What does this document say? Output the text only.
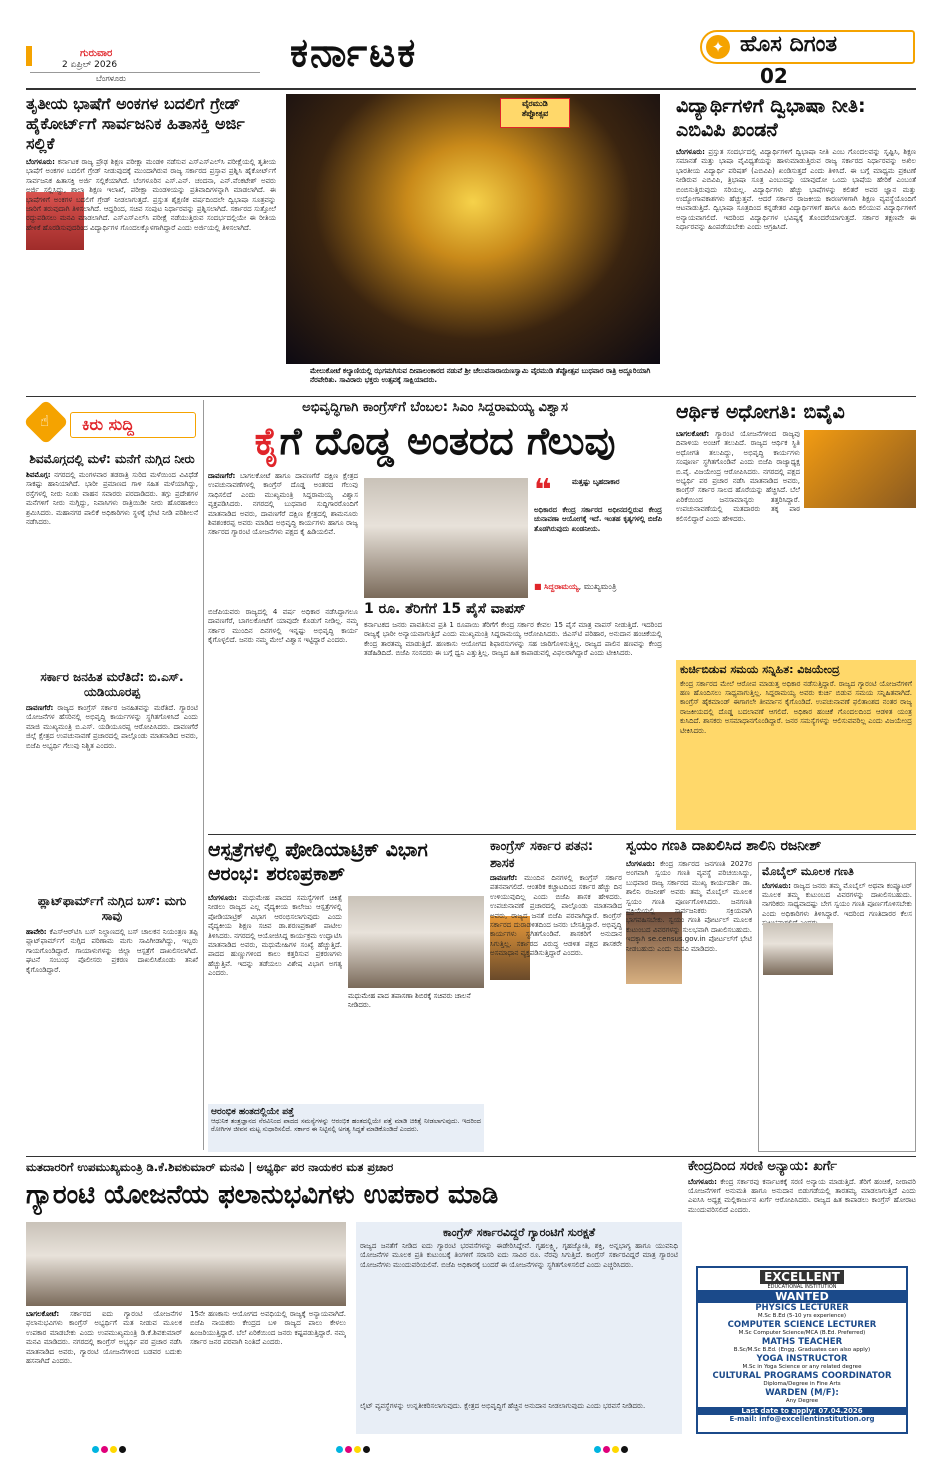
ಗುರುವಾರ
2 ಏಪ್ರಿಲ್ 2026
ಬೆಂಗಳೂರು
ಕರ್ನಾಟಕ	✦ ಹೊಸ ದಿಗಂತ
02
ತೃತೀಯ ಭಾಷೆಗೆ ಅಂಕಗಳ ಬದಲಿಗೆ ಗ್ರೇಡ್ ಹೈಕೋರ್ಟ್‌ಗೆ ಸಾರ್ವಜನಿಕ ಹಿತಾಸಕ್ತಿ ಅರ್ಜಿ ಸಲ್ಲಿಕೆ
ಬೆಂಗಳೂರು: ಕರ್ನಾಟಕ ರಾಜ್ಯ ಪ್ರೌಢ ಶಿಕ್ಷಣ ಪರೀಕ್ಷಾ ಮಂಡಳಿ ನಡೆಸುವ ಎಸ್‌ಎಸ್‌ಎಲ್‌ಸಿ ಪರೀಕ್ಷೆಯಲ್ಲಿ ತೃತೀಯ ಭಾಷೆಗೆ ಅಂಕಗಳ ಬದಲಿಗೆ ಗ್ರೇಡ್ ನೀಡುವುದಕ್ಕೆ ಮುಂದಾಗಿರುವ ರಾಜ್ಯ ಸರ್ಕಾರದ ಪ್ರಸ್ತಾವ ಪ್ರಶ್ನಿಸಿ ಹೈಕೋರ್ಟ್‌ಗೆ ಸಾರ್ವಜನಿಕ ಹಿತಾಸಕ್ತಿ ಅರ್ಜಿ ಸಲ್ಲಿಕೆಯಾಗಿದೆ. ಬೆಂಗಳೂರಿನ ಎಸ್.ಎನ್. ಚಂದನಾ, ಎನ್.ವೆಂಕಟೇಶ್ ಅವರು ಅರ್ಜಿ ಸಲ್ಲಿಸಿದ್ದು, ಶಾಲಾ ಶಿಕ್ಷಣ ಇಲಾಖೆ, ಪರೀಕ್ಷಾ ಮಂಡಳಿಯನ್ನು ಪ್ರತಿವಾದಿಗಳನ್ನಾಗಿ ಮಾಡಲಾಗಿದೆ. ಈ ಭಾಷೆಗಳಿಗೆ ಅಂಕಗಳ ಬದಲಿಗೆ ಗ್ರೇಡ್ ನೀಡಲಾಗುತ್ತದೆ. ಪ್ರಸ್ತುತ ಶೈಕ್ಷಣಿಕ ವರ್ಷದಿಂದಲೇ ದ್ವಿಭಾಷಾ ಸೂತ್ರವನ್ನು ಜಾರಿಗೆ ತರುವುದಾಗಿ ತಿಳಿಸಲಾಗಿದೆ. ಆದ್ದರಿಂದ, ಸಚಿವ ಸಂಪುಟ ನಿರ್ಧಾರವನ್ನು ಪ್ರಶ್ನಿಸಲಾಗಿದೆ. ಸರ್ಕಾರದ ಸುತ್ತೋಲೆ ರದ್ದುಪಡಿಸಲು ಮನವಿ ಮಾಡಲಾಗಿದೆ. ಎಸ್‌ಎಸ್‌ಎಲ್‌ಸಿ ಪರೀಕ್ಷೆ ನಡೆಯುತ್ತಿರುವ ಸಂದರ್ಭದಲ್ಲಿಯೇ ಈ ರೀತಿಯ ಹೇಳಿಕೆ ಹೊರಡಿಸುವುದರಿಂದ ವಿದ್ಯಾರ್ಥಿಗಳ ಗೊಂದಲಕ್ಕೊಳಗಾಗಿದ್ದಾರೆ ಎಂದು ಅರ್ಜಿಯಲ್ಲಿ ತಿಳಿಸಲಾಗಿದೆ.
ವೈರಮುಡಿ
ತೆಪ್ಪೋತ್ಸವ
ಮೇಲುಕೋಟೆ ಕಲ್ಯಾಣಿಯಲ್ಲಿ ಝಗಮಗಿಸುವ ದೀಪಾಲಂಕಾರದ ನಡುವೆ ಶ್ರೀ ಚೆಲುವನಾರಾಯಣಸ್ವಾಮಿ ವೈರಮುಡಿ ತೆಪ್ಪೋತ್ಸವ ಬುಧವಾರ ರಾತ್ರಿ ಅದ್ದೂರಿಯಾಗಿ ನೆರವೇರಿತು. ಸಾವಿರಾರು ಭಕ್ತರು ಉತ್ಸವಕ್ಕೆ ಸಾಕ್ಷಿಯಾದರು.
ವಿದ್ಯಾರ್ಥಿಗಳಿಗೆ ದ್ವಿಭಾಷಾ ನೀತಿ: ಎಬಿವಿಪಿ ಖಂಡನೆ
ಬೆಂಗಳೂರು: ಪ್ರಸ್ತುತ ಸಂದರ್ಭದಲ್ಲಿ ವಿದ್ಯಾರ್ಥಿಗಳಿಗೆ ದ್ವಿಭಾಷಾ ನೀತಿ ಎಂಬ ಗೊಂದಲವನ್ನು ಸೃಷ್ಟಿಸಿ, ಶಿಕ್ಷಣ ಸಮಾನತೆ ಮತ್ತು ಭಾಷಾ ವೈವಿಧ್ಯತೆಯನ್ನು ಹಾಳುಮಾಡುತ್ತಿರುವ ರಾಜ್ಯ ಸರ್ಕಾರದ ನಿರ್ಧಾರವನ್ನು ಅಖಿಲ ಭಾರತೀಯ ವಿದ್ಯಾರ್ಥಿ ಪರಿಷತ್ (ಎಬಿವಿಪಿ) ಖಂಡಿಸುತ್ತದೆ ಎಂದು ತಿಳಿಸಿದೆ. ಈ ಬಗ್ಗೆ ಮಾಧ್ಯಮ ಪ್ರಕಟಣೆ ನೀಡಿರುವ ಎಬಿವಿಪಿ, ತ್ರಿಭಾಷಾ ಸೂತ್ರ ಎಂಬುದನ್ನು ಯಾವುದೋ ಒಂದು ಭಾಷೆಯ ಹೇರಿಕೆ ಎಂಬಂತೆ ಬಿಂಬಿಸುತ್ತಿರುವುದು ಸರಿಯಲ್ಲ. ವಿದ್ಯಾರ್ಥಿಗಳು ಹೆಚ್ಚು ಭಾಷೆಗಳನ್ನು ಕಲಿತರೆ ಅವರ ಜ್ಞಾನ ಮತ್ತು ಉದ್ಯೋಗಾವಕಾಶಗಳು ಹೆಚ್ಚುತ್ತವೆ. ಆದರೆ ಸರ್ಕಾರ ರಾಜಕೀಯ ಕಾರಣಗಳಿಗಾಗಿ ಶಿಕ್ಷಣ ವ್ಯವಸ್ಥೆಯೊಂದಿಗೆ ಆಟವಾಡುತ್ತಿದೆ. ದ್ವಿಭಾಷಾ ಸೂತ್ರದಿಂದ ಕನ್ನಡೇತರ ವಿದ್ಯಾರ್ಥಿಗಳಿಗೆ ಹಾಗೂ ಹಿಂದಿ ಕಲಿಯುವ ವಿದ್ಯಾರ್ಥಿಗಳಿಗೆ ಅನ್ಯಾಯವಾಗಲಿದೆ. ಇದರಿಂದ ವಿದ್ಯಾರ್ಥಿಗಳ ಭವಿಷ್ಯಕ್ಕೆ ತೊಂದರೆಯಾಗುತ್ತದೆ. ಸರ್ಕಾರ ತಕ್ಷಣವೇ ಈ ನಿರ್ಧಾರವನ್ನು ಹಿಂಪಡೆಯಬೇಕು ಎಂದು ಆಗ್ರಹಿಸಿದೆ.
☝ ಕಿರು ಸುದ್ದಿ
ಶಿವಮೊಗ್ಗದಲ್ಲಿ ಮಳೆ: ಮನೆಗೆ ನುಗ್ಗಿದ ನೀರು
ಶಿವಮೊಗ್ಗ: ನಗರದಲ್ಲಿ ಮಂಗಳವಾರ ತಡರಾತ್ರಿ ಸುರಿದ ಮಳೆಯಿಂದ ವಿವಿಧೆಡೆ ಸಾಕಷ್ಟು ಹಾನಿಯಾಗಿದೆ. ಭಾರೀ ಪ್ರಮಾಣದ ಗಾಳಿ ಸಹಿತ ಮಳೆಯಾಗಿದ್ದು, ರಸ್ತೆಗಳಲ್ಲಿ ನೀರು ನಿಂತು ವಾಹನ ಸವಾರರು ಪರದಾಡಿದರು. ತಗ್ಗು ಪ್ರದೇಶಗಳ ಮನೆಗಳಿಗೆ ನೀರು ನುಗ್ಗಿದ್ದು, ನಿವಾಸಿಗಳು ರಾತ್ರಿಯಿಡೀ ನೀರು ಹೊರಹಾಕಲು ಶ್ರಮಿಸಿದರು. ಮಹಾನಗರ ಪಾಲಿಕೆ ಅಧಿಕಾರಿಗಳು ಸ್ಥಳಕ್ಕೆ ಭೇಟಿ ನೀಡಿ ಪರಿಶೀಲನೆ ನಡೆಸಿದರು.
ಸರ್ಕಾರ ಜನಹಿತ ಮರೆತಿದೆ: ಬಿ.ಎಸ್. ಯಡಿಯೂರಪ್ಪ
ದಾವಣಗೆರೆ: ರಾಜ್ಯದ ಕಾಂಗ್ರೆಸ್ ಸರ್ಕಾರ ಜನಹಿತವನ್ನು ಮರೆತಿದೆ. ಗ್ಯಾರಂಟಿ ಯೋಜನೆಗಳ ಹೆಸರಿನಲ್ಲಿ ಅಭಿವೃದ್ಧಿ ಕಾರ್ಯಗಳನ್ನು ಸ್ಥಗಿತಗೊಳಿಸಿದೆ ಎಂದು ಮಾಜಿ ಮುಖ್ಯಮಂತ್ರಿ ಬಿ.ಎಸ್. ಯಡಿಯೂರಪ್ಪ ಆರೋಪಿಸಿದರು. ದಾವಣಗೆರೆ ಜಿಲ್ಲೆ ಕ್ಷೇತ್ರದ ಉಪಚುನಾವಣೆ ಪ್ರಚಾರದಲ್ಲಿ ಪಾಲ್ಗೊಂಡು ಮಾತನಾಡಿದ ಅವರು, ಬಿಜೆಪಿ ಅಭ್ಯರ್ಥಿ ಗೆಲುವು ನಿಶ್ಚಿತ ಎಂದರು.
ಪ್ಲಾಟ್‌ಫಾರ್ಮ್‌ಗೆ ನುಗ್ಗಿದ ಬಸ್: ಮಗು ಸಾವು
ಹಾವೇರಿ: ಕೆಎಸ್‌ಆರ್‌ಟಿಸಿ ಬಸ್ ನಿಲ್ದಾಣದಲ್ಲಿ ಬಸ್ ಚಾಲಕನ ನಿಯಂತ್ರಣ ತಪ್ಪಿ ಪ್ಲಾಟ್‌ಫಾರ್ಮ್‌ಗೆ ನುಗ್ಗಿದ ಪರಿಣಾಮ ಮಗು ಸಾವಿಗೀಡಾಗಿದ್ದು, ಇಬ್ಬರು ಗಾಯಗೊಂಡಿದ್ದಾರೆ. ಗಾಯಾಳುಗಳನ್ನು ಜಿಲ್ಲಾ ಆಸ್ಪತ್ರೆಗೆ ದಾಖಲಿಸಲಾಗಿದೆ. ಘಟನೆ ಸಂಬಂಧ ಪೊಲೀಸರು ಪ್ರಕರಣ ದಾಖಲಿಸಿಕೊಂಡು ತನಿಖೆ ಕೈಗೊಂಡಿದ್ದಾರೆ.
ಅಭಿವೃದ್ಧಿಗಾಗಿ ಕಾಂಗ್ರೆಸ್‌ಗೆ ಬೆಂಬಲ: ಸಿಎಂ ಸಿದ್ದರಾಮಯ್ಯ ವಿಶ್ವಾಸ
ಕೈಗೆ ದೊಡ್ಡ ಅಂತರದ ಗೆಲುವು
ದಾವಣಗೆರೆ: ಬಾಗಲಕೋಟೆ ಹಾಗೂ ದಾವಣಗೆರೆ ದಕ್ಷಿಣ ಕ್ಷೇತ್ರದ ಉಪಚುನಾವಣೆಗಳಲ್ಲಿ ಕಾಂಗ್ರೆಸ್ ದೊಡ್ಡ ಅಂತರದ ಗೆಲುವು ಸಾಧಿಸಲಿದೆ ಎಂದು ಮುಖ್ಯಮಂತ್ರಿ ಸಿದ್ದರಾಮಯ್ಯ ವಿಶ್ವಾಸ ವ್ಯಕ್ತಪಡಿಸಿದರು. ನಗರದಲ್ಲಿ ಬುಧವಾರ ಸುದ್ದಿಗಾರರೊಂದಿಗೆ ಮಾತನಾಡಿದ ಅವರು, ದಾವಣಗೆರೆ ದಕ್ಷಿಣ ಕ್ಷೇತ್ರದಲ್ಲಿ ಶಾಮನೂರು ಶಿವಶಂಕರಪ್ಪ ಅವರು ಮಾಡಿದ ಅಭಿವೃದ್ಧಿ ಕಾರ್ಯಗಳು ಹಾಗೂ ರಾಜ್ಯ ಸರ್ಕಾರದ ಗ್ಯಾರಂಟಿ ಯೋಜನೆಗಳು ಪಕ್ಷದ ಕೈ ಹಿಡಿಯಲಿವೆ.
❝	ಮತ್ತಷ್ಟು ಬೃಹದಾಕಾರ
ಅಧಿಕಾರದ ಕೇಂದ್ರ ಸರ್ಕಾರದ ಅಧೀನದಲ್ಲಿರುವ ಕೇಂದ್ರ ಚುನಾವಣಾ ಆಯೋಗಕ್ಕೆ ಇದೆ. ಇಂತಹ ಕೃತ್ಯಗಳಲ್ಲಿ ಬಿಜೆಪಿ ತೊಡಗಿರುವುದು ಖಂಡನೀಯ.
■ ಸಿದ್ದರಾಮಯ್ಯ, ಮುಖ್ಯಮಂತ್ರಿ
ಬಿಜೆಪಿಯವರು ರಾಜ್ಯದಲ್ಲಿ 4 ವರ್ಷ ಅಧಿಕಾರ ನಡೆಸಿದ್ದಾಗಲೂ ದಾವಣಗೆರೆ, ಬಾಗಲಕೋಟೆಗೆ ಯಾವುದೇ ಕೊಡುಗೆ ನೀಡಿಲ್ಲ. ನಮ್ಮ ಸರ್ಕಾರ ಮುಂದಿನ ದಿನಗಳಲ್ಲಿ ಇನ್ನಷ್ಟು ಅಭಿವೃದ್ಧಿ ಕಾರ್ಯ ಕೈಗೊಳ್ಳಲಿದೆ. ಜನರು ನಮ್ಮ ಮೇಲೆ ವಿಶ್ವಾಸ ಇಟ್ಟಿದ್ದಾರೆ ಎಂದರು.
1 ರೂ. ತೆರಿಗೆಗೆ 15 ಪೈಸೆ ವಾಪಸ್
ಕರ್ನಾಟಕದ ಜನರು ಪಾವತಿಸುವ ಪ್ರತಿ 1 ರೂಪಾಯಿ ತೆರಿಗೆಗೆ ಕೇಂದ್ರ ಸರ್ಕಾರ ಕೇವಲ 15 ಪೈಸೆ ಮಾತ್ರ ವಾಪಸ್ ನೀಡುತ್ತಿದೆ. ಇದರಿಂದ ರಾಜ್ಯಕ್ಕೆ ಭಾರೀ ಅನ್ಯಾಯವಾಗುತ್ತಿದೆ ಎಂದು ಮುಖ್ಯಮಂತ್ರಿ ಸಿದ್ದರಾಮಯ್ಯ ಆರೋಪಿಸಿದರು. ಜಿಎಸ್‌ಟಿ ಪರಿಹಾರ, ಅನುದಾನ ಹಂಚಿಕೆಯಲ್ಲಿ ಕೇಂದ್ರ ತಾರತಮ್ಯ ಮಾಡುತ್ತಿದೆ. ಹಣಕಾಸು ಆಯೋಗದ ಶಿಫಾರಸುಗಳನ್ನು ಸಹ ಜಾರಿಗೊಳಿಸುತ್ತಿಲ್ಲ. ರಾಜ್ಯದ ಪಾಲಿನ ಹಣವನ್ನು ಕೇಂದ್ರ ತಡೆಹಿಡಿದಿದೆ. ಬಿಜೆಪಿ ಸಂಸದರು ಈ ಬಗ್ಗೆ ಧ್ವನಿ ಎತ್ತುತ್ತಿಲ್ಲ. ರಾಜ್ಯದ ಹಿತ ಕಾಪಾಡುವಲ್ಲಿ ವಿಫಲರಾಗಿದ್ದಾರೆ ಎಂದು ಟೀಕಿಸಿದರು.
ಆರ್ಥಿಕ ಅಧೋಗತಿ: ಬಿವೈವಿ
ಬಾಗಲಕೋಟೆ: ಗ್ಯಾರಂಟಿ ಯೋಜನೆಗಳಿಂದ ರಾಜ್ಯವು ದಿವಾಳಿಯ ಅಂಚಿಗೆ ತಲುಪಿದೆ. ರಾಜ್ಯದ ಆರ್ಥಿಕ ಸ್ಥಿತಿ ಅಧೋಗತಿ ತಲುಪಿದ್ದು, ಅಭಿವೃದ್ಧಿ ಕಾರ್ಯಗಳು ಸಂಪೂರ್ಣ ಸ್ಥಗಿತಗೊಂಡಿವೆ ಎಂದು ಬಿಜೆಪಿ ರಾಜ್ಯಾಧ್ಯಕ್ಷ ಬಿ.ವೈ. ವಿಜಯೇಂದ್ರ ಆರೋಪಿಸಿದರು. ನಗರದಲ್ಲಿ ಪಕ್ಷದ ಅಭ್ಯರ್ಥಿ ಪರ ಪ್ರಚಾರ ನಡೆಸಿ ಮಾತನಾಡಿದ ಅವರು, ಕಾಂಗ್ರೆಸ್ ಸರ್ಕಾರ ಸಾಲದ ಹೊರೆಯನ್ನು ಹೆಚ್ಚಿಸಿದೆ. ಬೆಲೆ ಏರಿಕೆಯಿಂದ ಜನಸಾಮಾನ್ಯರು ತತ್ತರಿಸಿದ್ದಾರೆ. ಉಪಚುನಾವಣೆಯಲ್ಲಿ ಮತದಾರರು ತಕ್ಕ ಪಾಠ ಕಲಿಸಲಿದ್ದಾರೆ ಎಂದು ಹೇಳಿದರು.
ಕುರ್ಚಿಬಿಡುವ ಸಮಯ ಸನ್ನಿಹಿತ: ವಿಜಯೇಂದ್ರ
ಕೇಂದ್ರ ಸರ್ಕಾರದ ಮೇಲೆ ಆರೋಪ ಮಾಡುತ್ತ ಅಧಿಕಾರ ನಡೆಸುತ್ತಿದ್ದಾರೆ. ರಾಜ್ಯದ ಗ್ಯಾರಂಟಿ ಯೋಜನೆಗಳಿಗೆ ಹಣ ಹೊಂದಿಸಲು ಸಾಧ್ಯವಾಗುತ್ತಿಲ್ಲ. ಸಿದ್ದರಾಮಯ್ಯ ಅವರು ಕುರ್ಚಿ ಬಿಡುವ ಸಮಯ ಸನ್ನಿಹಿತವಾಗಿದೆ. ಕಾಂಗ್ರೆಸ್ ಹೈಕಮಾಂಡ್ ಈಗಾಗಲೇ ತೀರ್ಮಾನ ಕೈಗೊಂಡಿದೆ. ಉಪಚುನಾವಣೆ ಫಲಿತಾಂಶದ ನಂತರ ರಾಜ್ಯ ರಾಜಕೀಯದಲ್ಲಿ ದೊಡ್ಡ ಬದಲಾವಣೆ ಆಗಲಿದೆ. ಅಧಿಕಾರ ಹಂಚಿಕೆ ಗೊಂದಲದಿಂದ ಆಡಳಿತ ಯಂತ್ರ ಕುಸಿದಿದೆ. ಶಾಸಕರು ಅಸಮಾಧಾನಗೊಂಡಿದ್ದಾರೆ. ಜನರ ಸಮಸ್ಯೆಗಳನ್ನು ಆಲಿಸುವವರಿಲ್ಲ ಎಂದು ವಿಜಯೇಂದ್ರ ಟೀಕಿಸಿದರು.
ಆಸ್ಪತ್ರೆಗಳಲ್ಲಿ ಪೋಡಿಯಾಟ್ರಿಕ್ ವಿಭಾಗ ಆರಂಭ: ಶರಣಪ್ರಕಾಶ್
ಬೆಂಗಳೂರು: ಮಧುಮೇಹ ಪಾದದ ಸಮಸ್ಯೆಗಳಿಗೆ ಚಿಕಿತ್ಸೆ ನೀಡಲು ರಾಜ್ಯದ ಎಲ್ಲ ವೈದ್ಯಕೀಯ ಕಾಲೇಜು ಆಸ್ಪತ್ರೆಗಳಲ್ಲಿ ಪೋಡಿಯಾಟ್ರಿಕ್ ವಿಭಾಗ ಆರಂಭಿಸಲಾಗುವುದು ಎಂದು ವೈದ್ಯಕೀಯ ಶಿಕ್ಷಣ ಸಚಿವ ಡಾ.ಶರಣಪ್ರಕಾಶ್ ಪಾಟೀಲ ತಿಳಿಸಿದರು. ನಗರದಲ್ಲಿ ಆಯೋಜಿಸಿದ್ದ ಕಾರ್ಯಕ್ರಮ ಉದ್ಘಾಟಿಸಿ ಮಾತನಾಡಿದ ಅವರು, ಮಧುಮೇಹಿಗಳ ಸಂಖ್ಯೆ ಹೆಚ್ಚುತ್ತಿದೆ. ಪಾದದ ಹುಣ್ಣುಗಳಿಂದ ಕಾಲು ಕತ್ತರಿಸುವ ಪ್ರಕರಣಗಳು ಹೆಚ್ಚುತ್ತಿವೆ. ಇದನ್ನು ತಡೆಯಲು ವಿಶೇಷ ವಿಭಾಗ ಅಗತ್ಯ ಎಂದರು.
ಮಧುಮೇಹ ಪಾದ ತಪಾಸಣಾ ಶಿಬಿರಕ್ಕೆ ಸಚಿವರು ಚಾಲನೆ ನೀಡಿದರು.
ಆರಂಭಿಕ ಹಂತದಲ್ಲಿಯೇ ಪತ್ತೆ
ಆಧುನಿಕ ತಂತ್ರಜ್ಞಾನದ ನೆರವಿನಿಂದ ಪಾದದ ಸಮಸ್ಯೆಗಳನ್ನು ಆರಂಭಿಕ ಹಂತದಲ್ಲಿಯೇ ಪತ್ತೆ ಮಾಡಿ ಚಿಕಿತ್ಸೆ ನೀಡಲಾಗುವುದು. ಇದರಿಂದ ರೋಗಿಗಳ ಜೀವನ ಮಟ್ಟ ಸುಧಾರಿಸಲಿದೆ. ಸರ್ಕಾರ ಈ ನಿಟ್ಟಿನಲ್ಲಿ ಅಗತ್ಯ ಸಿದ್ಧತೆ ಮಾಡಿಕೊಂಡಿದೆ ಎಂದರು.
ಕಾಂಗ್ರೆಸ್ ಸರ್ಕಾರ ಪತನ: ಶಾಸಕ
ದಾವಣಗೆರೆ: ಮುಂದಿನ ದಿನಗಳಲ್ಲಿ ಕಾಂಗ್ರೆಸ್ ಸರ್ಕಾರ ಪತನವಾಗಲಿದೆ. ಆಂತರಿಕ ಕಚ್ಚಾಟದಿಂದ ಸರ್ಕಾರ ಹೆಚ್ಚು ದಿನ ಉಳಿಯುವುದಿಲ್ಲ ಎಂದು ಬಿಜೆಪಿ ಶಾಸಕ ಹೇಳಿದರು. ಉಪಚುನಾವಣೆ ಪ್ರಚಾರದಲ್ಲಿ ಪಾಲ್ಗೊಂಡು ಮಾತನಾಡಿದ ಅವರು, ರಾಜ್ಯದ ಜನತೆ ಬಿಜೆಪಿ ಪರವಾಗಿದ್ದಾರೆ. ಕಾಂಗ್ರೆಸ್ ಸರ್ಕಾರದ ದುರಾಡಳಿತದಿಂದ ಜನರು ಬೇಸತ್ತಿದ್ದಾರೆ. ಅಭಿವೃದ್ಧಿ ಕಾರ್ಯಗಳು ಸ್ಥಗಿತಗೊಂಡಿವೆ. ಶಾಸಕರಿಗೆ ಅನುದಾನ ಸಿಗುತ್ತಿಲ್ಲ. ಸರ್ಕಾರದ ವಿರುದ್ಧ ಆಡಳಿತ ಪಕ್ಷದ ಶಾಸಕರೇ ಅಸಮಾಧಾನ ವ್ಯಕ್ತಪಡಿಸುತ್ತಿದ್ದಾರೆ ಎಂದರು.
ಸ್ವಯಂ ಗಣತಿ ದಾಖಲಿಸಿದ ಶಾಲಿನಿ ರಜನೀಶ್
ಬೆಂಗಳೂರು: ಕೇಂದ್ರ ಸರ್ಕಾರದ ಜನಗಣತಿ 2027ರ ಅಂಗವಾಗಿ ಸ್ವಯಂ ಗಣತಿ ವ್ಯವಸ್ಥೆ ಪರಿಚಯಿಸಿದ್ದು, ಬುಧವಾರ ರಾಜ್ಯ ಸರ್ಕಾರದ ಮುಖ್ಯ ಕಾರ್ಯದರ್ಶಿ ಡಾ. ಶಾಲಿನಿ ರಜನೀಶ್ ಅವರು ತಮ್ಮ ಮೊಬೈಲ್ ಮೂಲಕ ಸ್ವಯಂ ಗಣತಿ ಪೂರ್ಣಗೊಳಿಸಿದರು. ಜನಗಣತಿ ಪ್ರಕ್ರಿಯೆಯಲ್ಲಿ ಸಾರ್ವಜನಿಕರು ಸಕ್ರಿಯವಾಗಿ ಭಾಗವಹಿಸಬೇಕು. ಸ್ವಯಂ ಗಣತಿ ಪೋರ್ಟಲ್ ಮೂಲಕ ಕುಟುಂಬದ ವಿವರಗಳನ್ನು ಸುಲಭವಾಗಿ ದಾಖಲಿಸಬಹುದು. ಇದಕ್ಕಾಗಿ se.census.gov.in ಪೋರ್ಟಲ್‌ಗೆ ಭೇಟಿ ನೀಡಬಹುದು ಎಂದು ಮನವಿ ಮಾಡಿದರು.
ಮೊಬೈಲ್ ಮೂಲಕ ಗಣತಿ
ಬೆಂಗಳೂರು: ರಾಜ್ಯದ ಜನರು ತಮ್ಮ ಮೊಬೈಲ್ ಅಥವಾ ಕಂಪ್ಯೂಟರ್ ಮೂಲಕ ತಮ್ಮ ಕುಟುಂಬದ ವಿವರಗಳನ್ನು ದಾಖಲಿಸಬಹುದು. ನಾಗರಿಕರು ಸಾಧ್ಯವಾದಷ್ಟು ಬೇಗ ಸ್ವಯಂ ಗಣತಿ ಪೂರ್ಣಗೊಳಿಸಬೇಕು ಎಂದು ಅಧಿಕಾರಿಗಳು ತಿಳಿಸಿದ್ದಾರೆ. ಇದರಿಂದ ಗಣತಿದಾರರ ಕೆಲಸ
ಮತದಾರರಿಗೆ ಉಪಮುಖ್ಯಮಂತ್ರಿ ಡಿ.ಕೆ.ಶಿವಕುಮಾರ್ ಮನವಿ | ಅಭ್ಯರ್ಥಿ ಪರ ನಾಯಕರ ಮತ ಪ್ರಚಾರ
ಗ್ಯಾರಂಟಿ ಯೋಜನೆಯ ಫಲಾನುಭವಿಗಳು ಉಪಕಾರ ಮಾಡಿ
ಬಾಗಲಕೋಟೆ: ಸರ್ಕಾರದ ಐದು ಗ್ಯಾರಂಟಿ ಯೋಜನೆಗಳ ಫಲಾನುಭವಿಗಳು ಕಾಂಗ್ರೆಸ್ ಅಭ್ಯರ್ಥಿಗೆ ಮತ ನೀಡುವ ಮೂಲಕ ಉಪಕಾರ ಮಾಡಬೇಕು ಎಂದು ಉಪಮುಖ್ಯಮಂತ್ರಿ ಡಿ.ಕೆ.ಶಿವಕುಮಾರ್ ಮನವಿ ಮಾಡಿದರು. ನಗರದಲ್ಲಿ ಕಾಂಗ್ರೆಸ್ ಅಭ್ಯರ್ಥಿ ಪರ ಪ್ರಚಾರ ನಡೆಸಿ ಮಾತನಾಡಿದ ಅವರು, ಗ್ಯಾರಂಟಿ ಯೋಜನೆಗಳಿಂದ ಬಡವರ ಬದುಕು ಹಸನಾಗಿದೆ ಎಂದರು.
15ನೇ ಹಣಕಾಸು ಆಯೋಗದ ಅವಧಿಯಲ್ಲಿ ರಾಜ್ಯಕ್ಕೆ ಅನ್ಯಾಯವಾಗಿದೆ. ಬಿಜೆಪಿ ನಾಯಕರು ಕೇಂದ್ರದ ಬಳಿ ರಾಜ್ಯದ ಪಾಲು ಕೇಳಲು ಹಿಂಜರಿಯುತ್ತಿದ್ದಾರೆ. ಬೆಲೆ ಏರಿಕೆಯಿಂದ ಜನರು ಕಷ್ಟಪಡುತ್ತಿದ್ದಾರೆ. ನಮ್ಮ ಸರ್ಕಾರ ಜನರ ಪರವಾಗಿ ನಿಂತಿದೆ ಎಂದರು.
ಕಾಂಗ್ರೆಸ್ ಸರ್ಕಾರವಿದ್ದರೆ ಗ್ಯಾರಂಟಿಗೆ ಸುರಕ್ಷತೆ
ರಾಜ್ಯದ ಜನತೆಗೆ ನೀಡಿದ ಐದು ಗ್ಯಾರಂಟಿ ಭರವಸೆಗಳನ್ನು ಈಡೇರಿಸಿದ್ದೇವೆ. ಗೃಹಲಕ್ಷ್ಮಿ, ಗೃಹಜ್ಯೋತಿ, ಶಕ್ತಿ, ಅನ್ನಭಾಗ್ಯ ಹಾಗೂ ಯುವನಿಧಿ ಯೋಜನೆಗಳ ಮೂಲಕ ಪ್ರತಿ ಕುಟುಂಬಕ್ಕೆ ತಿಂಗಳಿಗೆ ಸರಾಸರಿ ಐದು ಸಾವಿರ ರೂ. ನೆರವು ಸಿಗುತ್ತಿದೆ. ಕಾಂಗ್ರೆಸ್ ಸರ್ಕಾರವಿದ್ದರೆ ಮಾತ್ರ ಗ್ಯಾರಂಟಿ ಯೋಜನೆಗಳು ಮುಂದುವರಿಯಲಿವೆ. ಬಿಜೆಪಿ ಅಧಿಕಾರಕ್ಕೆ ಬಂದರೆ ಈ ಯೋಜನೆಗಳನ್ನು ಸ್ಥಗಿತಗೊಳಿಸಲಿದೆ ಎಂದು ಎಚ್ಚರಿಸಿದರು.
ಲೈಟ್ ವ್ಯವಸ್ಥೆಗಳನ್ನು ಉನ್ನತೀಕರಿಸಲಾಗುವುದು. ಕ್ಷೇತ್ರದ ಅಭಿವೃದ್ಧಿಗೆ ಹೆಚ್ಚಿನ ಅನುದಾನ ನೀಡಲಾಗುವುದು ಎಂದು ಭರವಸೆ ನೀಡಿದರು.
ಕೇಂದ್ರದಿಂದ ಸರಣಿ ಅನ್ಯಾಯ: ಖರ್ಗೆ
ಬೆಂಗಳೂರು: ಕೇಂದ್ರ ಸರ್ಕಾರವು ಕರ್ನಾಟಕಕ್ಕೆ ಸರಣಿ ಅನ್ಯಾಯ ಮಾಡುತ್ತಿದೆ. ತೆರಿಗೆ ಹಂಚಿಕೆ, ನೀರಾವರಿ ಯೋಜನೆಗಳಿಗೆ ಅನುಮತಿ ಹಾಗೂ ಅನುದಾನ ಬಿಡುಗಡೆಯಲ್ಲಿ ತಾರತಮ್ಯ ಮಾಡಲಾಗುತ್ತಿದೆ ಎಂದು ಎಐಸಿಸಿ ಅಧ್ಯಕ್ಷ ಮಲ್ಲಿಕಾರ್ಜುನ ಖರ್ಗೆ ಆರೋಪಿಸಿದರು. ರಾಜ್ಯದ ಹಿತ ಕಾಪಾಡಲು ಕಾಂಗ್ರೆಸ್ ಹೋರಾಟ ಮುಂದುವರಿಸಲಿದೆ ಎಂದರು.
EXCELLENT
EDUCATIONAL INSTITUTION
WANTED
PHYSICS LECTURER
M.Sc B.Ed (5-10 yrs experience)
COMPUTER SCIENCE LECTURER
M.Sc Computer Science/MCA (B.Ed. Preferred)
MATHS TEACHER
B.Sc/M.Sc B.Ed. (Engg. Graduates can also apply)
YOGA INSTRUCTOR
M.Sc in Yoga Science or any related degree
CULTURAL PROGRAMS COORDINATOR
Diploma/Degree in Fine Arts
WARDEN (M/F):
Any Degree
Last date to apply: 07.04.2026
E-mail: info@excellentinstitution.org
